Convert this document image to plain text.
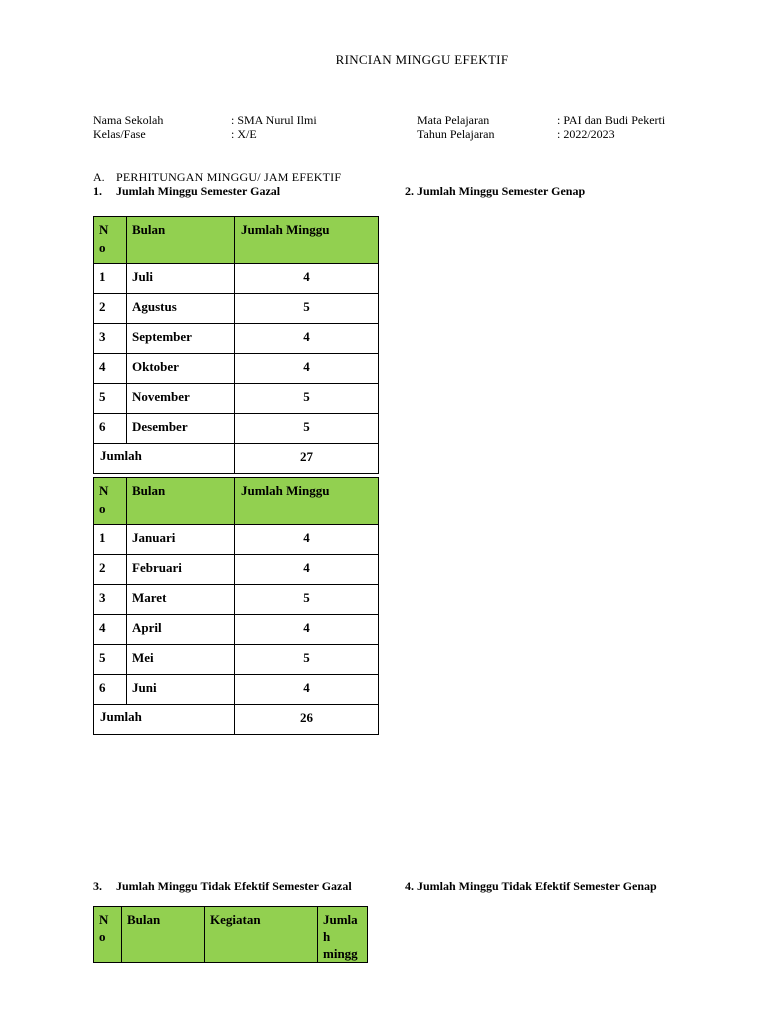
RINCIAN MINGGU EFEKTIF
Nama Sekolah	: SMA Nurul Ilmi
Kelas/Fase	: X/E
Mata Pelajaran	: PAI dan Budi Pekerti
Tahun Pelajaran	: 2022/2023
A. PERHITUNGAN MINGGU/ JAM EFEKTIF
1. Jumlah Minggu Semester Gazal	2. Jumlah Minggu Semester Genap
N
o	Bulan	Jumlah Minggu
1	Juli	4
2	Agustus	5
3	September	4
4	Oktober	4
5	November	5
6	Desember	5
Jumlah		27
N
o	Bulan	Jumlah Minggu
1	Januari	4
2	Februari	4
3	Maret	5
4	April	4
5	Mei	5
6	Juni	4
Jumlah		26
3. Jumlah Minggu Tidak Efektif Semester Gazal	4. Jumlah Minggu Tidak Efektif Semester Genap
N
o	Bulan	Kegiatan	Jumla
h
mingg
